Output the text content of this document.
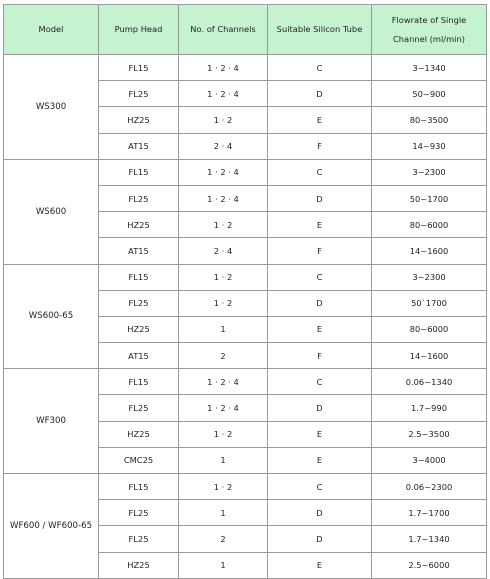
Model	Pump Head	No. of Channels	Suitable Silicon Tube	Flowrate of Single
Channel (ml/min)
WS300	FL15	1 · 2 · 4	C	3~1340
	FL25	1 · 2 · 4	D	50~900
	HZ25	1 · 2	E	80~3500
	AT15	2 · 4	F	14~930
WS600	FL15	1 · 2 · 4	C	3~2300
	FL25	1 · 2 · 4	D	50~1700
	HZ25	1 · 2	E	80~6000
	AT15	2 · 4	F	14~1600
WS600-65	FL15	1 · 2	C	3~2300
	FL25	1 · 2	D	50`1700
	HZ25	1	E	80~6000
	AT15	2	F	14~1600
WF300	FL15	1 · 2 · 4	C	0.06~1340
	FL25	1 · 2 · 4	D	1.7~990
	HZ25	1 · 2	E	2.5~3500
	CMC25	1	E	3~4000
WF600 / WF600-65	FL15	1 · 2	C	0.06~2300
	FL25	1	D	1.7~1700
	FL25	2	D	1.7~1340
	HZ25	1	E	2.5~6000
